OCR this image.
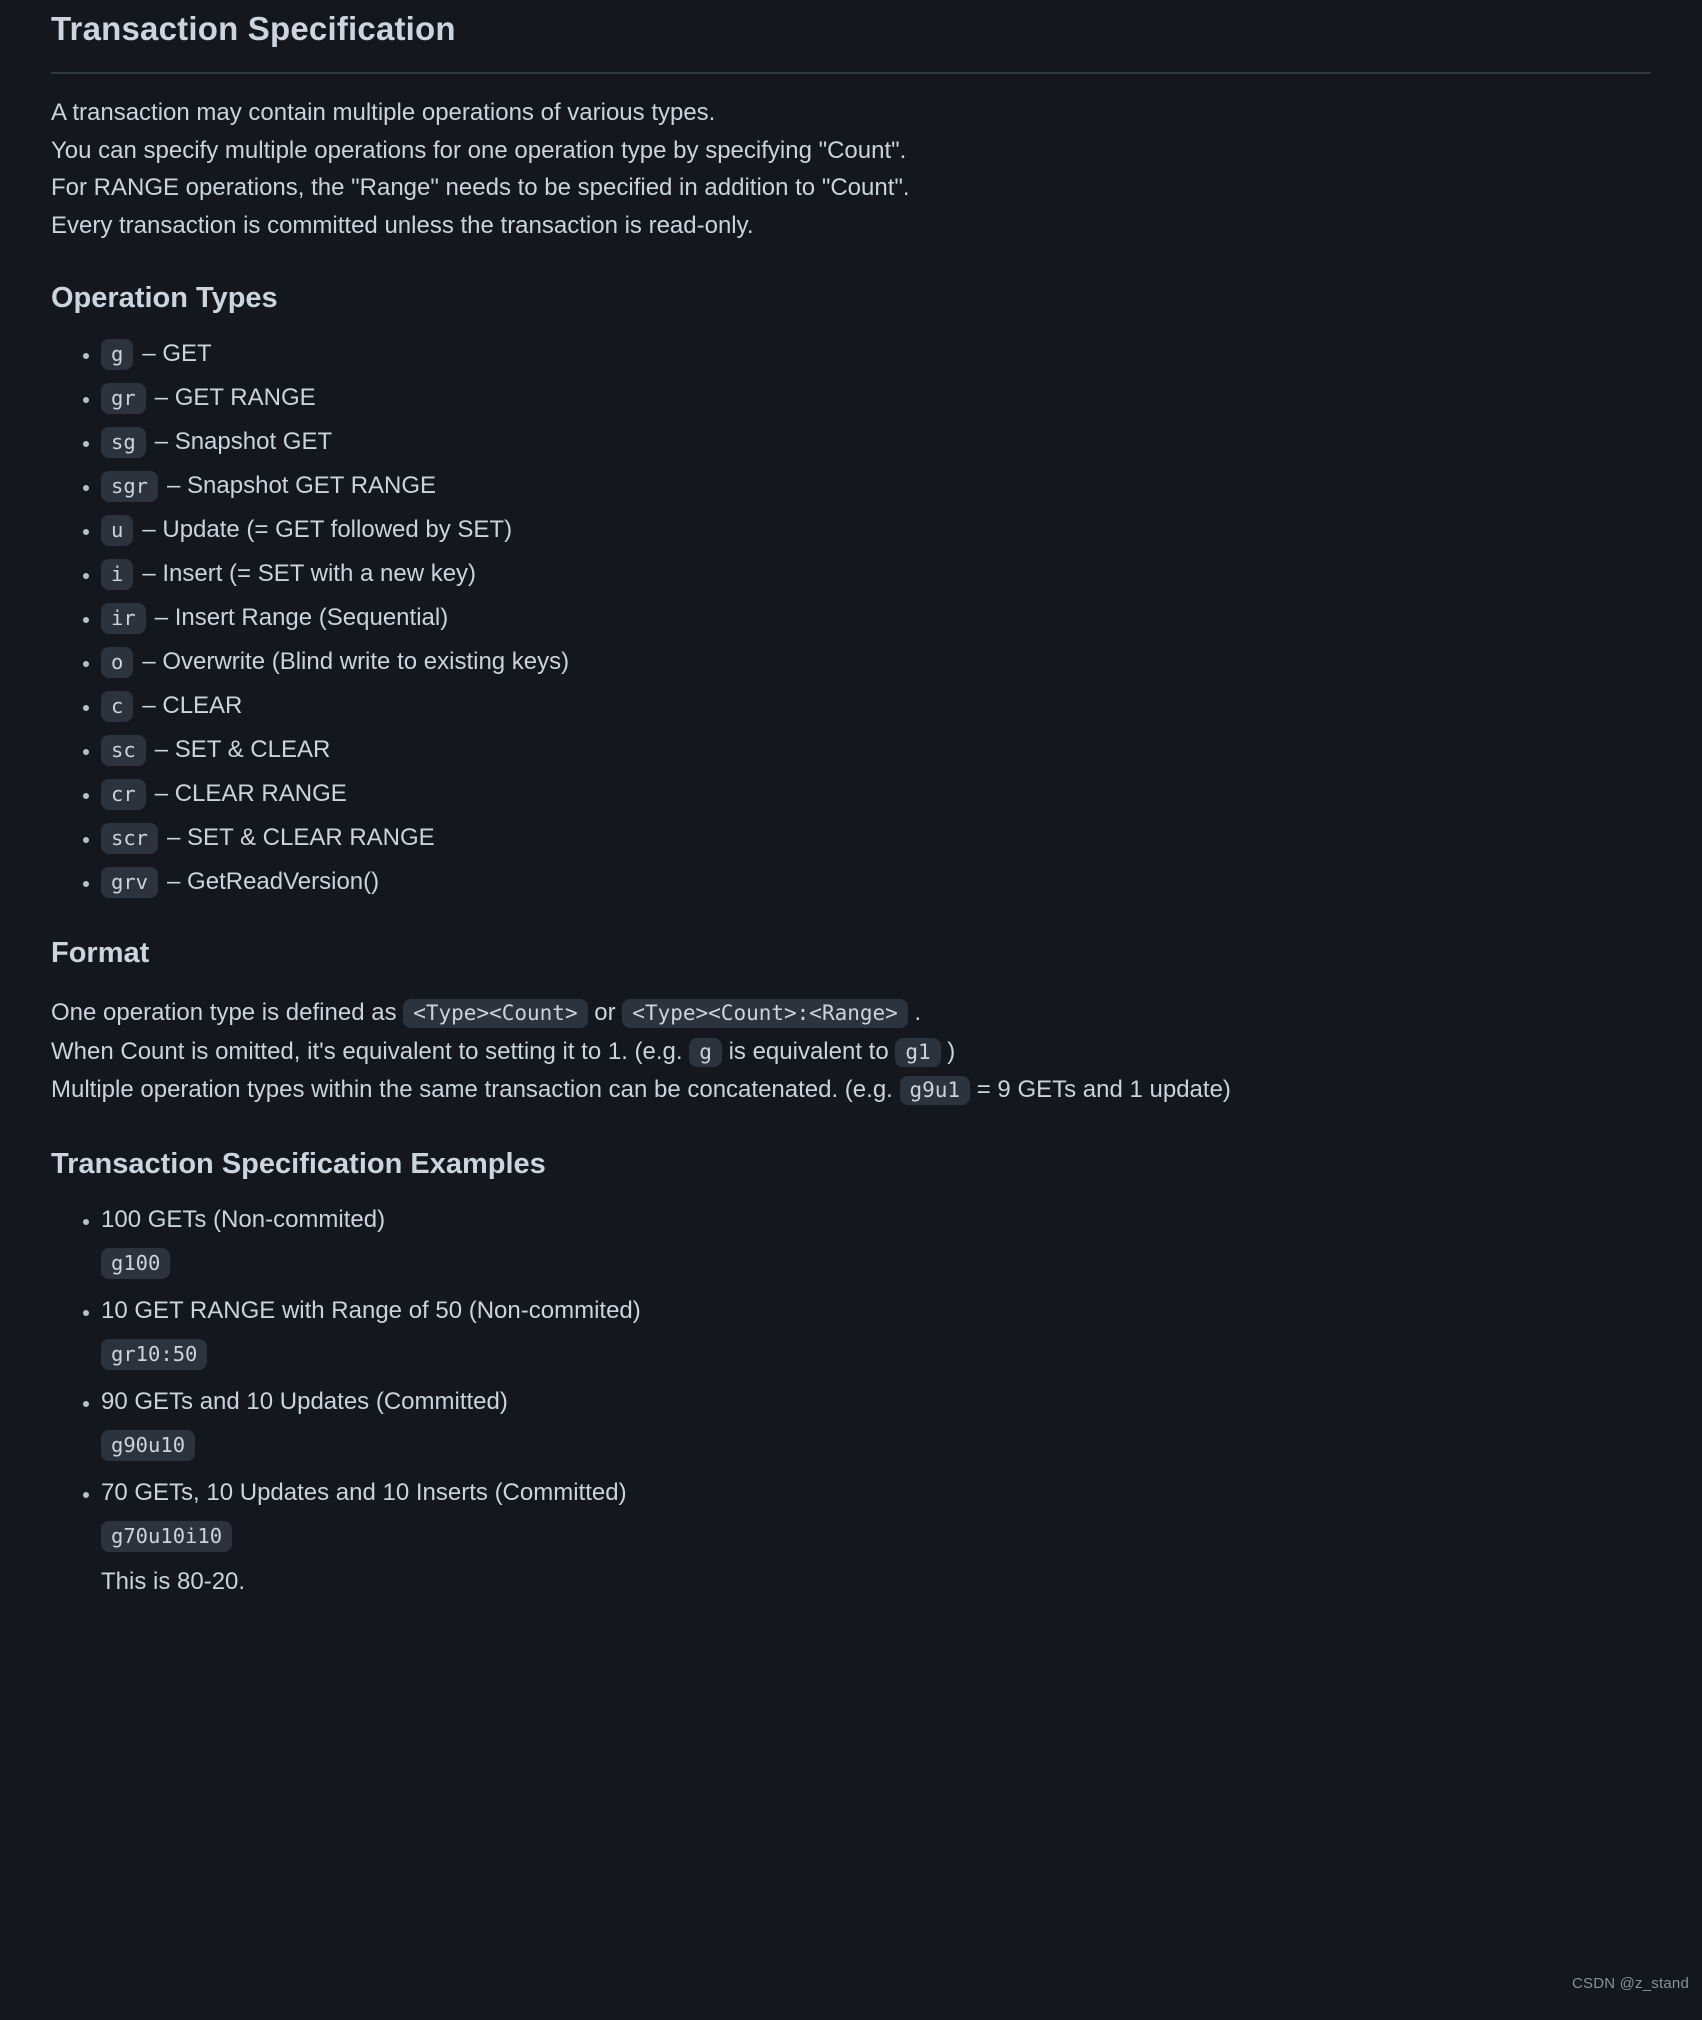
Transaction Specification

A transaction may contain multiple operations of various types.
You can specify multiple operations for one operation type by specifying "Count".
For RANGE operations, the "Range" needs to be specified in addition to "Count".
Every transaction is committed unless the transaction is read-only.

Operation Types
• g – GET
• gr – GET RANGE
• sg – Snapshot GET
• sgr – Snapshot GET RANGE
• u – Update (= GET followed by SET)
• i – Insert (= SET with a new key)
• ir – Insert Range (Sequential)
• o – Overwrite (Blind write to existing keys)
• c – CLEAR
• sc – SET & CLEAR
• cr – CLEAR RANGE
• scr – SET & CLEAR RANGE
• grv – GetReadVersion()
Format

One operation type is defined as <Type><Count> or <Type><Count>:<Range> .
When Count is omitted, it's equivalent to setting it to 1. (e.g. g is equivalent to g1 )
Multiple operation types within the same transaction can be concatenated. (e.g. g9u1 = 9 GETs and 1 update)

Transaction Specification Examples
• 100 GETs (Non-commited)
g100
• 10 GET RANGE with Range of 50 (Non-commited)
gr10:50
• 90 GETs and 10 Updates (Committed)
g90u10
• 70 GETs, 10 Updates and 10 Inserts (Committed)
g70u10i10
This is 80-20.
CSDN @z_stand
